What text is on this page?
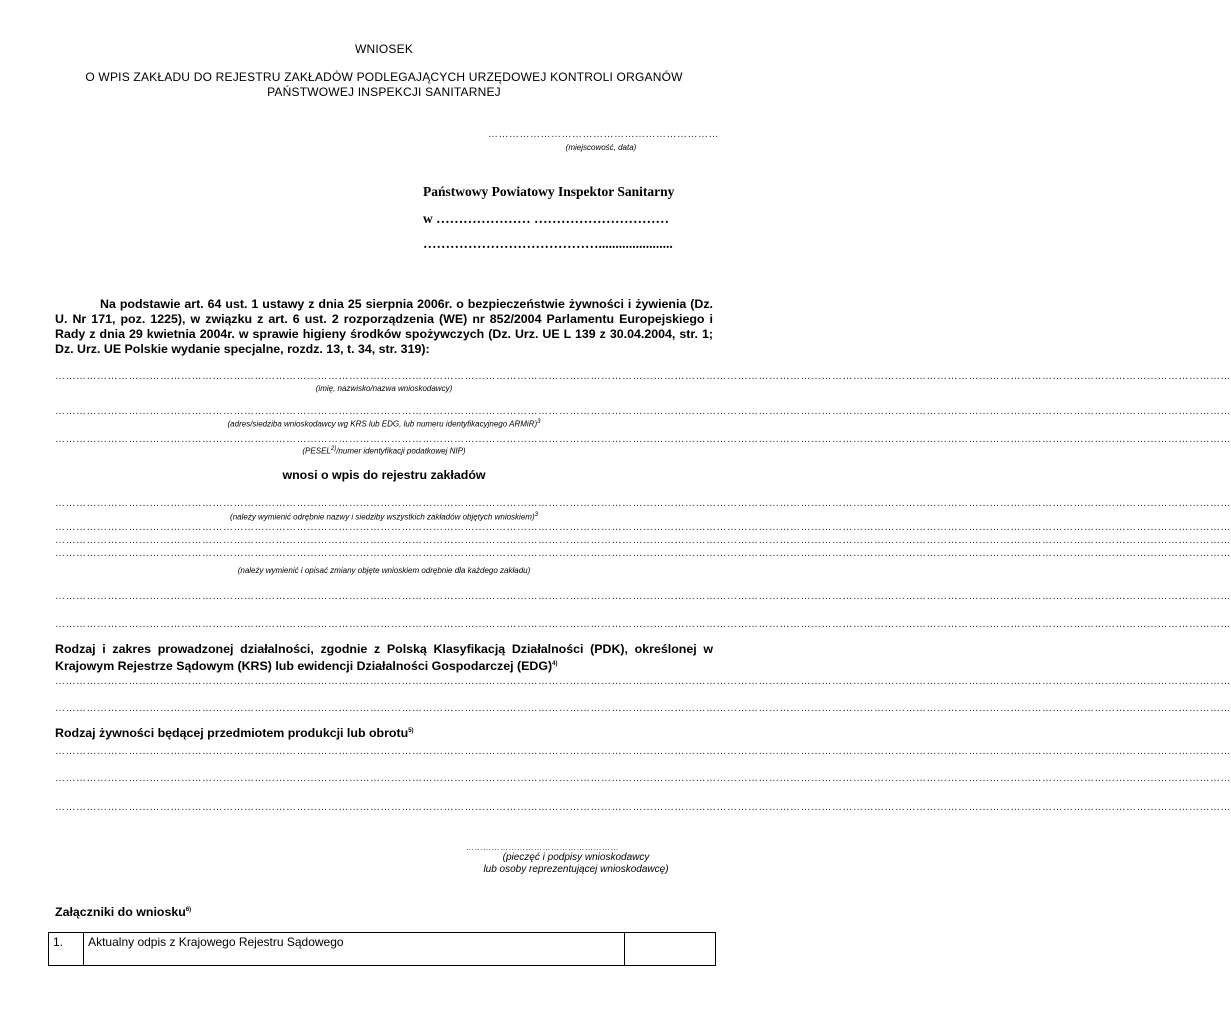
WNIOSEK
O WPIS ZAKŁADU DO REJESTRU ZAKŁADÓW PODLEGAJĄCYCH URZĘDOWEJ KONTROLI ORGANÓW
PAŃSTWOWEJ INSPEKCJI SANITARNEJ
…………………………………………………………
(miejscowość, data)
Państwowy Powiatowy Inspektor Sanitarny
w ………………… …………………………
…………………………………......................
Na podstawie art. 64 ust. 1 ustawy z dnia 25 sierpnia 2006r. o bezpieczeństwie żywności i żywienia (Dz. U. Nr 171, poz. 1225), w związku z art. 6 ust. 2 rozporządzenia (WE) nr 852/2004 Parlamentu Europejskiego i Rady z dnia 29 kwietnia 2004r. w sprawie higieny środków spożywczych (Dz. Urz. UE L 139 z 30.04.2004, str. 1; Dz. Urz. UE Polskie wydanie specjalne, rozdz. 13, t. 34, str. 319):
…………………………………………………………………………………………………………………………………………………………………………………………………………………………………………………………………………………………………………
(imię, nazwisko/nazwa wnioskodawcy)
…………………………………………………………………………………………………………………………………………………………………………………………………………………………………………………………………………………………………………
(adres/siedziba wnioskodawcy wg KRS lub EDG, lub numeru identyfikacyjnego ARMiR)$^3$
…………………………………………………………………………………………………………………………………………………………………………………………………………………………………………………………………………………………………………
(PESEL$^{2)}$/numer identyfikacji podatkowej NIP)
wnosi o wpis do rejestru zakładów
…………………………………………………………………………………………………………………………………………………………………………………………………………………………………………………………………………………………………………
(należy wymienić odrębnie nazwy i siedziby wszystkich zakładów objętych wnioskiem)$^3$
…………………………………………………………………………………………………………………………………………………………………………………………………………………………………………………………………………………………………………
…………………………………………………………………………………………………………………………………………………………………………………………………………………………………………………………………………………………………………
…………………………………………………………………………………………………………………………………………………………………………………………………………………………………………………………………………………………………………
(należy wymienić i opisać zmiany objęte wnioskiem odrębnie dla każdego zakładu)
…………………………………………………………………………………………………………………………………………………………………………………………………………………………………………………………………………………………………………
…………………………………………………………………………………………………………………………………………………………………………………………………………………………………………………………………………………………………………
Rodzaj i zakres prowadzonej działalności, zgodnie z Polską Klasyfikacją Działalności (PDK), określonej w Krajowym Rejestrze Sądowym (KRS) lub ewidencji Działalności Gospodarczej (EDG)$^{4)}$
…………………………………………………………………………………………………………………………………………………………………………………………………………………………………………………………………………………………………………
…………………………………………………………………………………………………………………………………………………………………………………………………………………………………………………………………………………………………………
Rodzaj żywności będącej przedmiotem produkcji lub obrotu$^{5)}$
…………………………………………………………………………………………………………………………………………………………………………………………………………………………………………………………………………………………………………
…………………………………………………………………………………………………………………………………………………………………………………………………………………………………………………………………………………………………………
…………………………………………………………………………………………………………………………………………………………………………………………………………………………………………………………………………………………………………
………………………………………………
(pieczęć i podpisy wnioskodawcy
lub osoby reprezentującej wnioskodawcę)
Załączniki do wniosku$^{6)}$
1.	Aktualny odpis z Krajowego Rejestru Sądowego	
